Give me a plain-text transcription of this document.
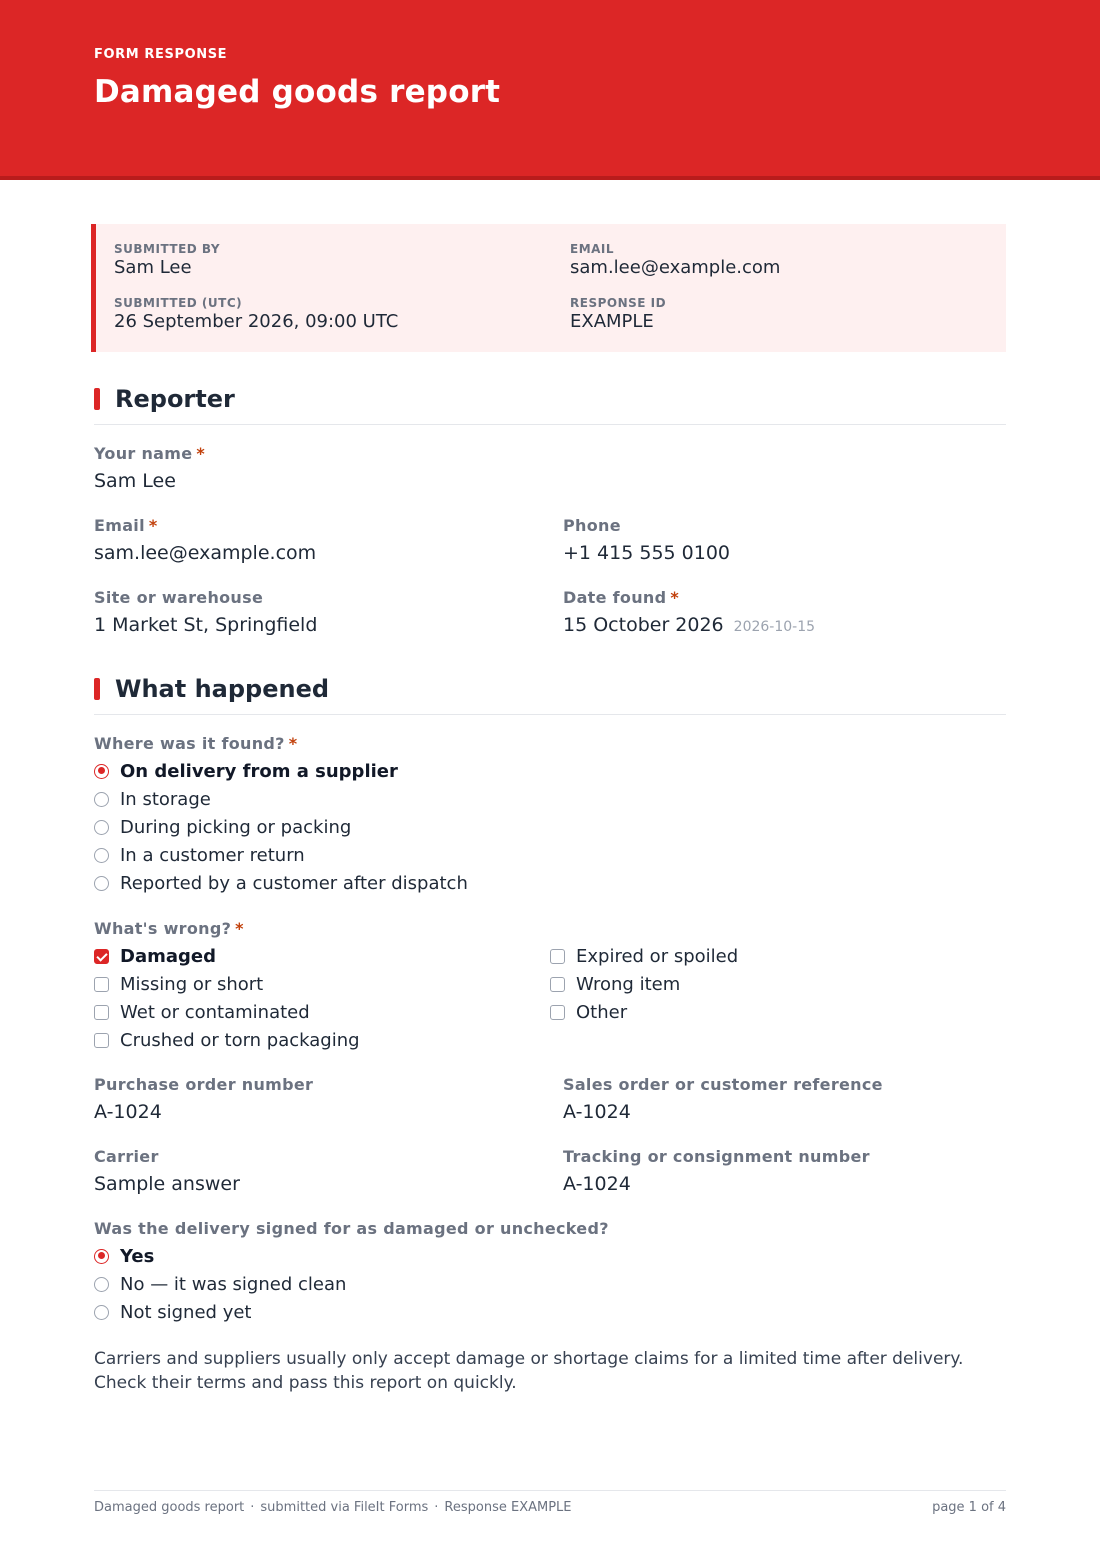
FORM RESPONSE
Damaged goods report
SUBMITTED BY
Sam Lee
EMAIL
sam.lee@example.com
SUBMITTED (UTC)
26 September 2026, 09:00 UTC
RESPONSE ID
EXAMPLE
Reporter
Your name *
Sam Lee
Email *
sam.lee@example.com
Phone
+1 415 555 0100
Site or warehouse
1 Market St, Springfield
Date found *
15 October 2026 2026-10-15
What happened
Where was it found? *
On delivery from a supplier
In storage
During picking or packing
In a customer return
Reported by a customer after dispatch
What's wrong? *
Damaged
Missing or short
Wet or contaminated
Crushed or torn packaging
Expired or spoiled
Wrong item
Other
Purchase order number
A-1024
Sales order or customer reference
A-1024
Carrier
Sample answer
Tracking or consignment number
A-1024
Was the delivery signed for as damaged or unchecked?
Yes
No — it was signed clean
Not signed yet
Carriers and suppliers usually only accept damage or shortage claims for a limited time after delivery. Check their terms and pass this report on quickly.
Damaged goods report · submitted via FileIt Forms · Response EXAMPLE	page 1 of 4
